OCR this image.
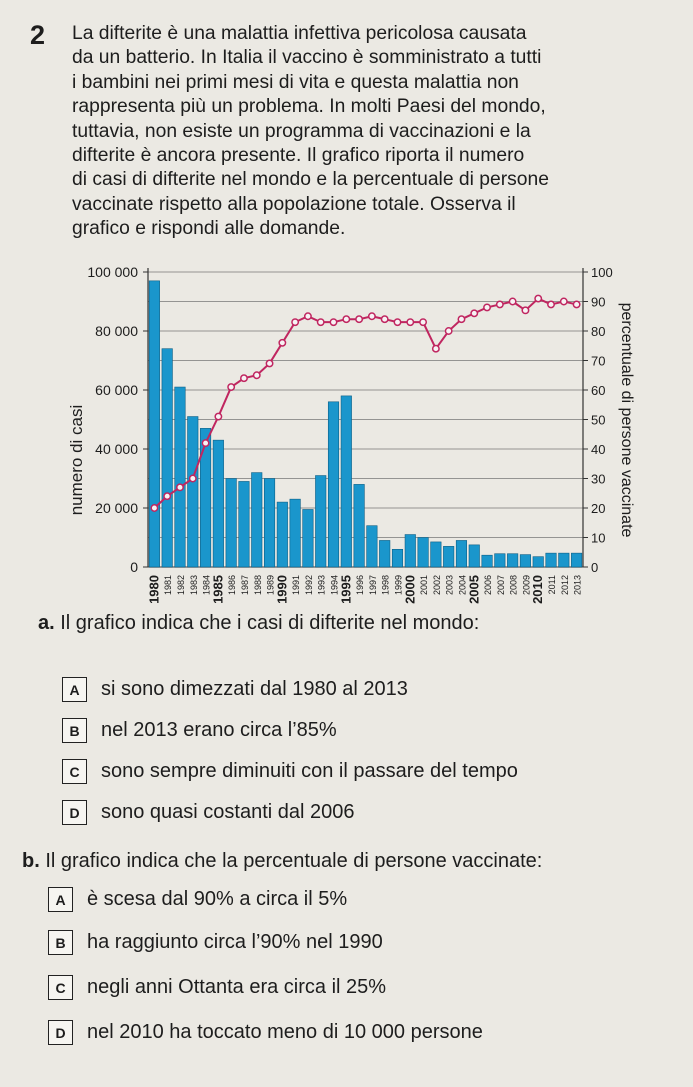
2 La difterite è una malattia infettiva pericolosa causata
da un batterio. In Italia il vaccino è somministrato a tutti
i bambini nei primi mesi di vita e questa malattia non
rappresenta più un problema. In molti Paesi del mondo,
tuttavia, non esiste un programma di vaccinazioni e la
difterite è ancora presente. Il grafico riporta il numero
di casi di difterite nel mondo e la percentuale di persone
vaccinate rispetto alla popolazione totale. Osserva il
grafico e rispondi alle domande.
0
20 000
40 000
60 000
80 000
100 000
0
10
20
30
40
50
60
70
80
90
100
numero di casi	percentuale di persone vaccinate
1980 1981 1982 1983 1984
1985 1986 1987 1988 1989
1990 1991 1992 1993 1994
1995 1996 1997 1998 1999
2000 2001 2002 2003 2004
2005 2006 2007 2008 2009
2010 2011 2012 2013
a. Il grafico indica che i casi di difterite nel mondo:
A	si sono dimezzati dal 1980 al 2013
B	nel 2013 erano circa l’85%
C	sono sempre diminuiti con il passare del tempo
D	sono quasi costanti dal 2006
b. Il grafico indica che la percentuale di persone vaccinate:
A	è scesa dal 90% a circa il 5%
B	ha raggiunto circa l’90% nel 1990
C	negli anni Ottanta era circa il 25%
D	nel 2010 ha toccato meno di 10 000 persone
